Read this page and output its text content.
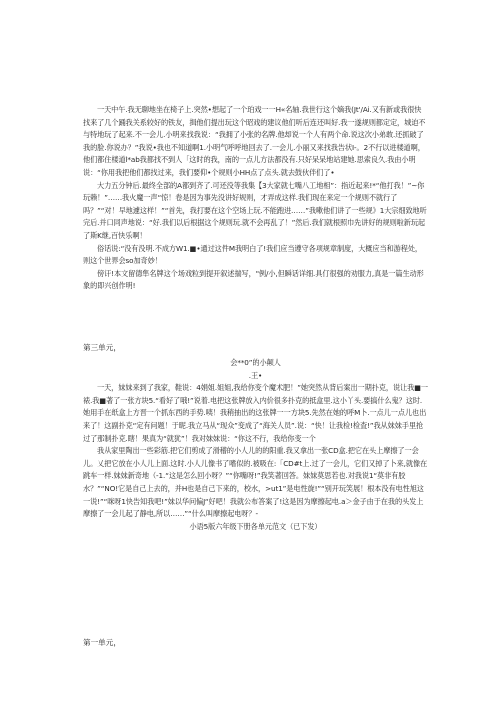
一天中午.我无聊地坐在椅子上.突然•想起了一个珀戏一一H«名轴.我世行这个嫡我(Jt'/Ai.又有新或我很快找来了几个踊我关系较好的铁友，揖他们提出玩这个昭戏的建议他们听后连还叫好.我一遂规则都定定，城迫不与特地玩了起来.不一会儿.小明来找我说：“我拥了小张的名牌.他却说一个人有两个命.说这次小弟敢.还抓破了我的脸.你说办？”我说•我也不知道啊1.小明气呼呼地回去了.一会儿.小丽又来找我告状I-。2不行以进楼道啊，他们都住楼道l*ab我都找不到人「这时的我，南的一点儿方法都没有.只好呆呆地站建她.思索良久.我由小明说：“你用我把他们都找过来，我们要仰•个规则小HH点了点头.就去鼓伙伴们了•

大力五分钟后.最终全部的A都到齐了.可还没等我集【3大家就七嘴八工地相”：指近起来!*“他打我！”~你玩赖！”……我火魔一声“惊！卷是因为事先没讲好规则，才弄成这样.我们现在来定一个规则不就行了吗？”“对！早地遽这样！”“首先，我打要在这个空场上玩.不能跑进……”我嗽他们讲了一些规》1大宗细致地听完后.并口同声地说：“好.我们以后根据这个规则玩.就不会再乱了！”然后.我们就根照巾先讲好的规则啦新玩起了斯K继,百快乐啊！

俗话说:“没有没明.不成方W1.■•通过这件M我明白了!我们应当遵守各项规章制度，大概应当和游程处，则这个世界会so加奇妙！

傍讦!本文留德隼名牌这个场戏粒到提开叙述揣写，"例/小,但瞬话详细.具仃很强的劝服力,真是一篇生动形象的即兴创作明!

第三单元，

会**0”的小颠人

.王•

一天，妹妹来到了我家，鞋说：4娟姐.姐姐,我给你变个魔术肥！”她突然从背后案出一期扑克，说让我■一裱.我■著了一张方块5.“看好了哦!”说着.电把这张牌放入内价很多扑克的抵盒里.这小丫头.要搞什么鬼？这时.她用手在纸盒上方晋一个抓东西的手势.咦！我稍抽出的这张牌一一方块5.先然在她的呼M卜.一点儿一点儿也出来了！这副扑克“定有问题！于昵.我立马从“现众”变成了“海关人员”.说：“快！让我检!检査!”我从妹妹手里抢过了那制扑克.瞎！果真为“就犹”！我对妹妹说：“你这不行，我给你变一个

我从家里陶出一些彩筋.把它们剪成了滑稽的小人儿的的阳重.我又拿出一张CD盒.把它在头上摩擦了一会儿。乂把它放在小人儿上面.这时.小人儿像书了嗜似的.被吸在:「CD#t上.过了一会儿，它们又掉了卜来,就像在跳车一样.妹妹新奇地（-1.“这是怎么回小呀？”“你嘴呀!”我笑著回答。妹妹莫思若也.对我说1“莫非有胶水？”“NO!它是自己上去的，并H也是自己下来的，校水，>ut1”是电性旋!”“别开玩笑展！根本没有电性旭这一说!”“咪呀1快告知我吧!”妹以华问偏J“好吧！我就公布答案了!这是因为摩擦起电.a＞金子由于在我的头发上摩擦了一会儿起了静电,所以……”“什么叫摩擦起电呀？-

小语5版六年级下册各单元范文（已下发）

第一单元，
